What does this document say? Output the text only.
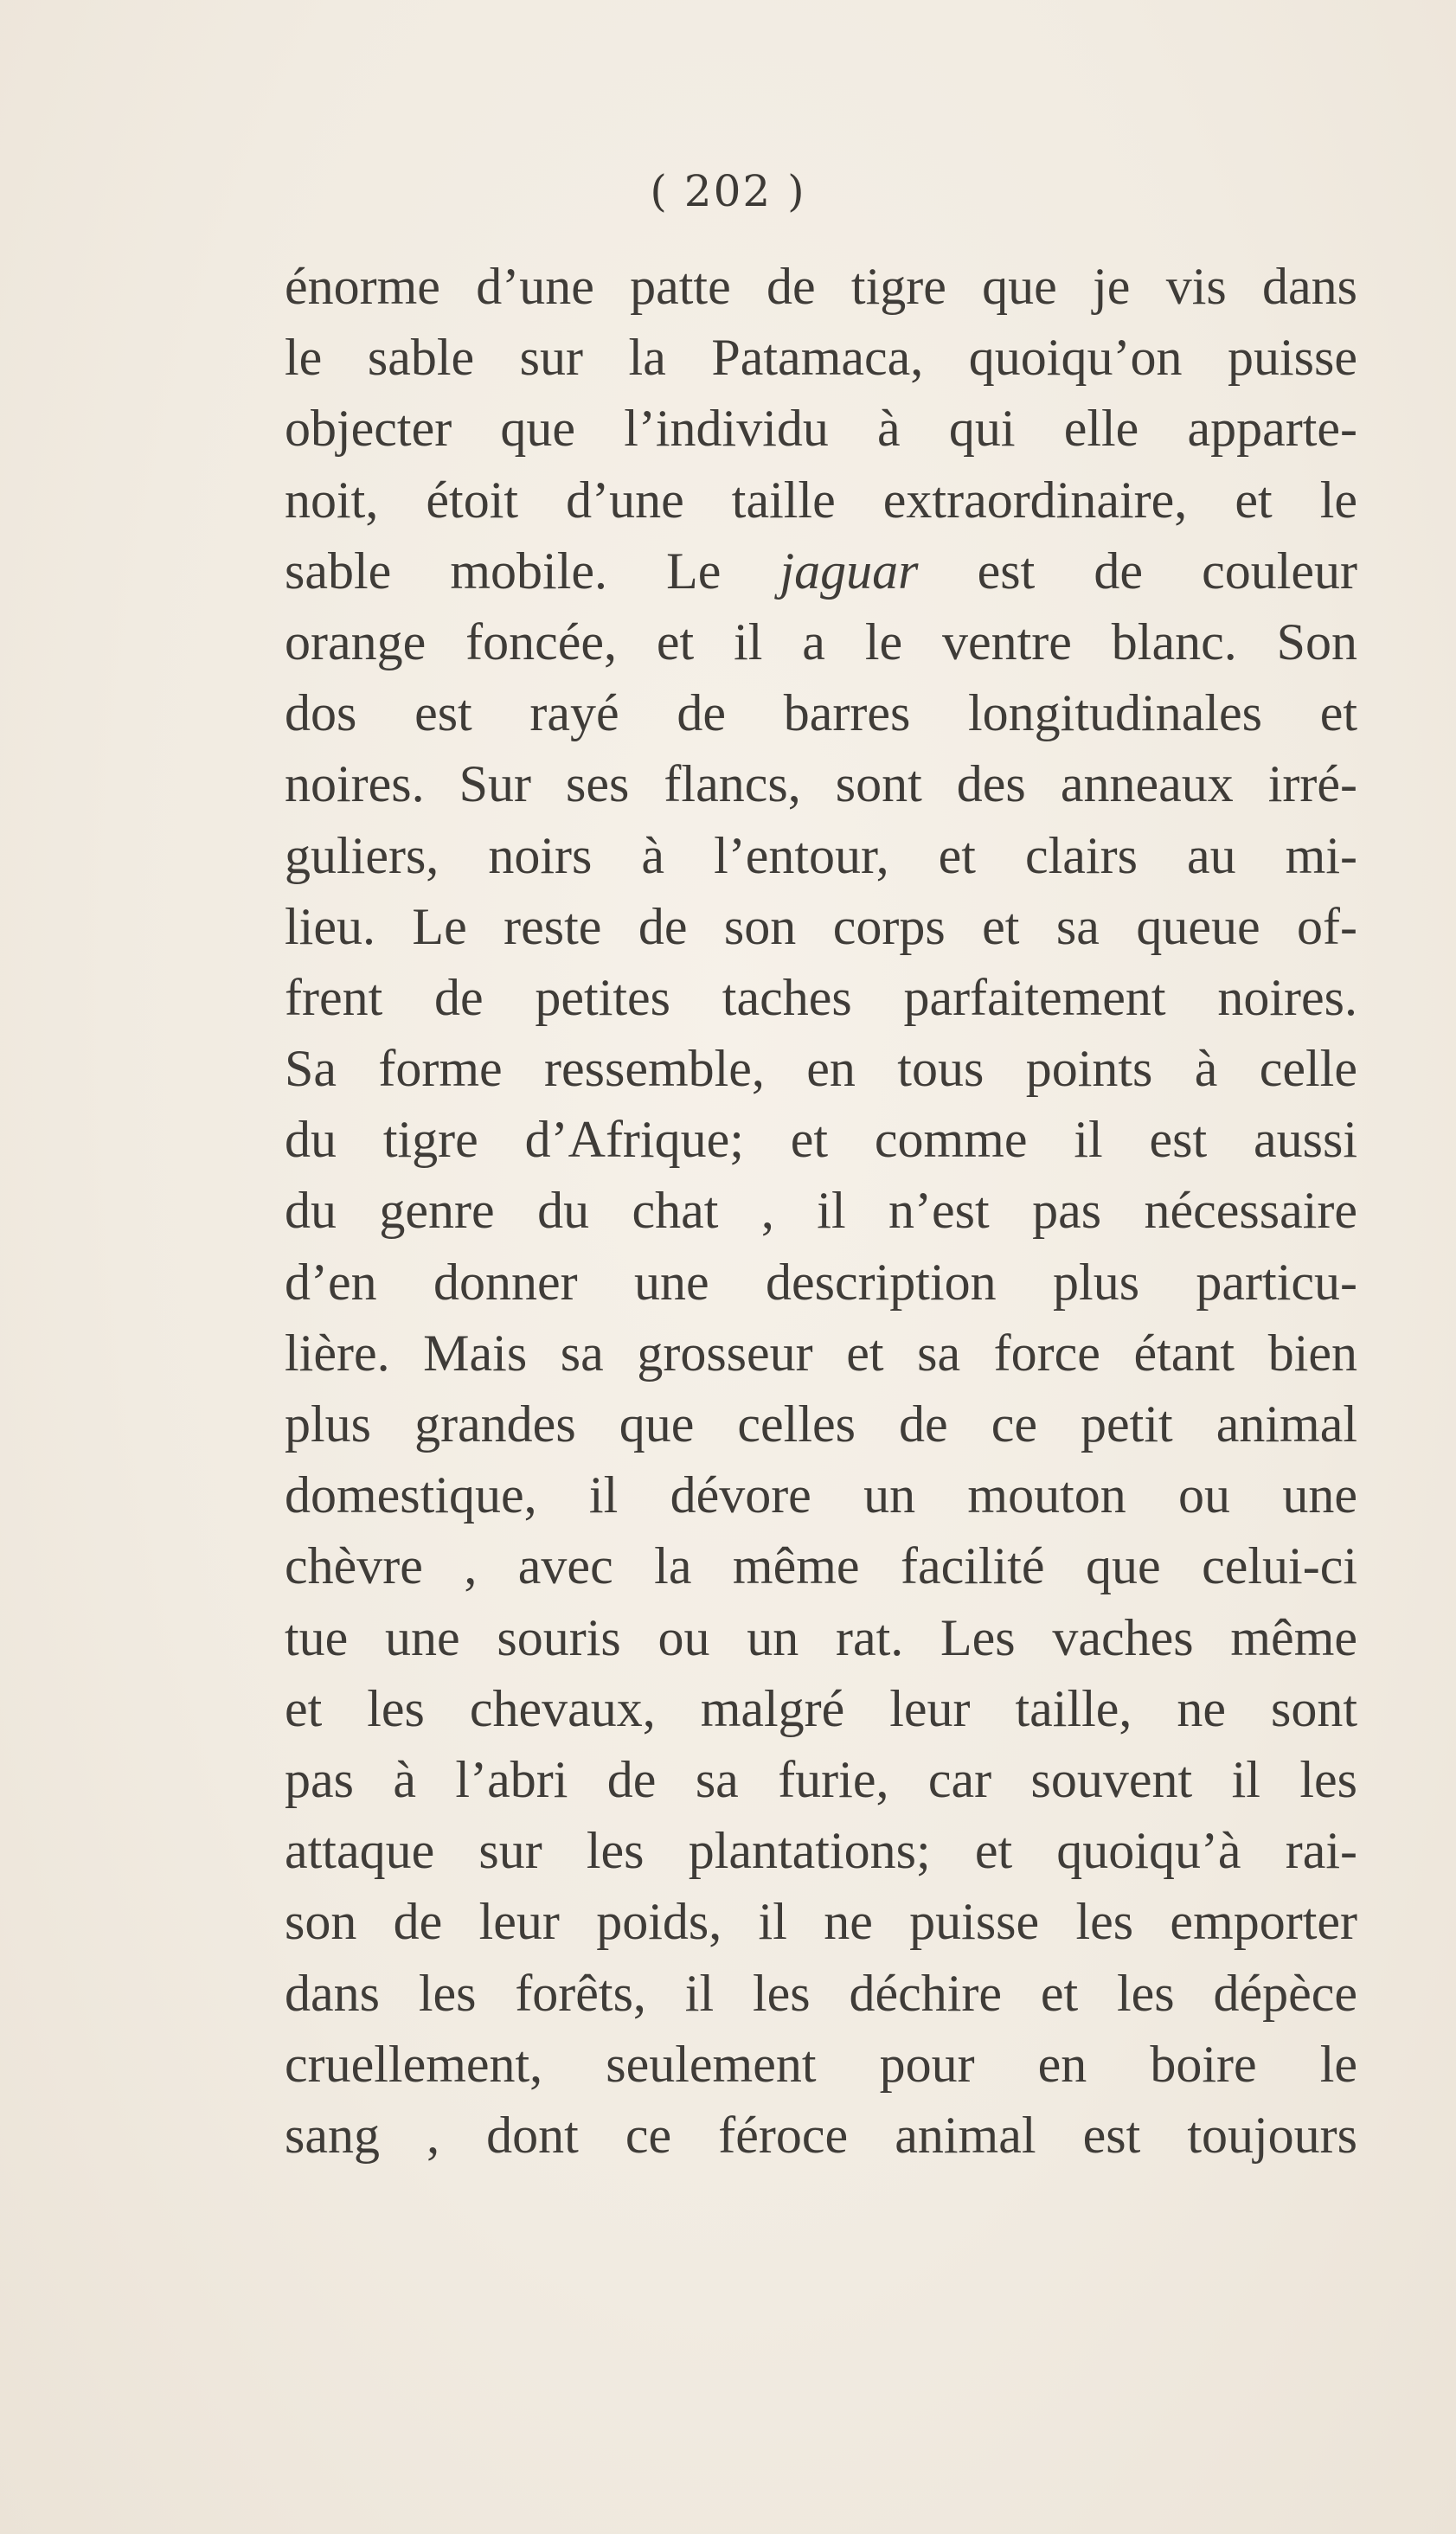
( 202 )
énorme d’une patte de tigre que je vis dans
le sable sur la Patamaca, quoiqu’on puisse
objecter que l’individu à qui elle apparte-
noit, étoit d’une taille extraordinaire, et le
sable mobile. Le jaguar est de couleur
orange foncée, et il a le ventre blanc. Son
dos est rayé de barres longitudinales et
noires. Sur ses flancs, sont des anneaux irré-
guliers, noirs à l’entour, et clairs au mi-
lieu. Le reste de son corps et sa queue of-
frent de petites taches parfaitement noires.
Sa forme ressemble, en tous points à celle
du tigre d’Afrique; et comme il est aussi
du genre du chat , il n’est pas nécessaire
d’en donner une description plus particu-
lière. Mais sa grosseur et sa force étant bien
plus grandes que celles de ce petit animal
domestique, il dévore un mouton ou une
chèvre , avec la même facilité que celui-ci
tue une souris ou un rat. Les vaches même
et les chevaux, malgré leur taille, ne sont
pas à l’abri de sa furie, car souvent il les
attaque sur les plantations; et quoiqu’à rai-
son de leur poids, il ne puisse les emporter
dans les forêts, il les déchire et les dépèce
cruellement, seulement pour en boire le
sang , dont ce féroce animal est toujours
